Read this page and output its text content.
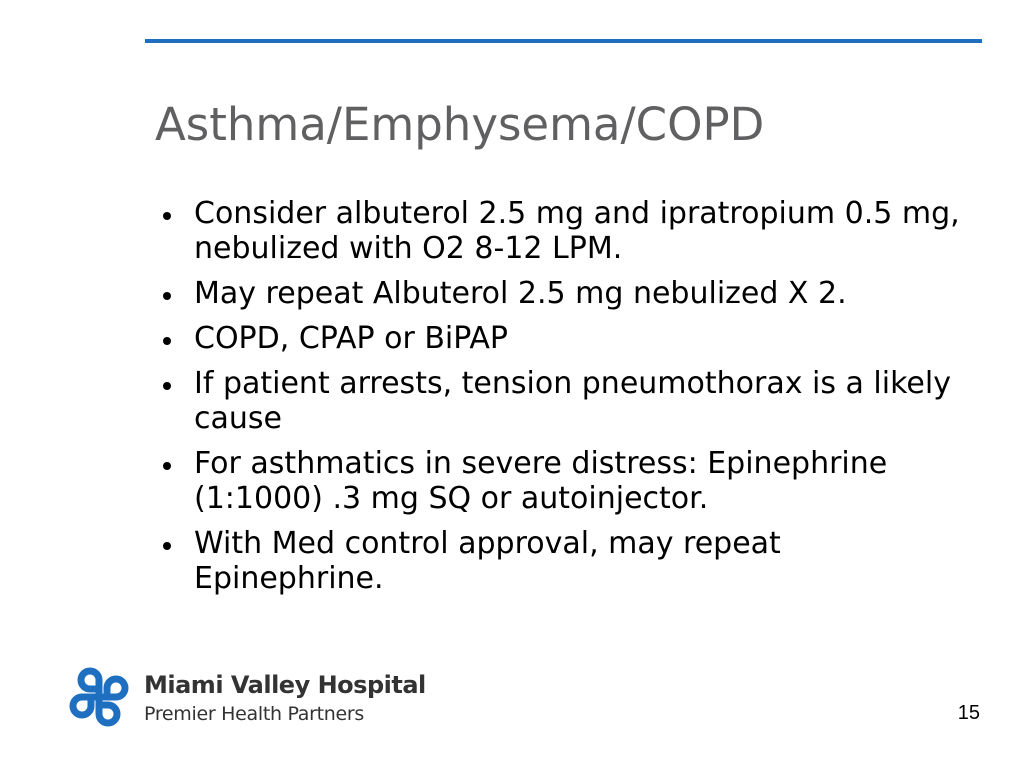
Asthma/Emphysema/COPD
Consider albuterol 2.5 mg and ipratropium 0.5 mg, nebulized with O2 8-12 LPM.
May repeat Albuterol 2.5 mg nebulized X 2.
COPD, CPAP or BiPAP
If patient arrests, tension pneumothorax is a likely cause
For asthmatics in severe distress: Epinephrine (1:1000) .3 mg SQ or autoinjector.
With Med control approval, may repeat Epinephrine.
Miami Valley Hospital
Premier Health Partners	15
